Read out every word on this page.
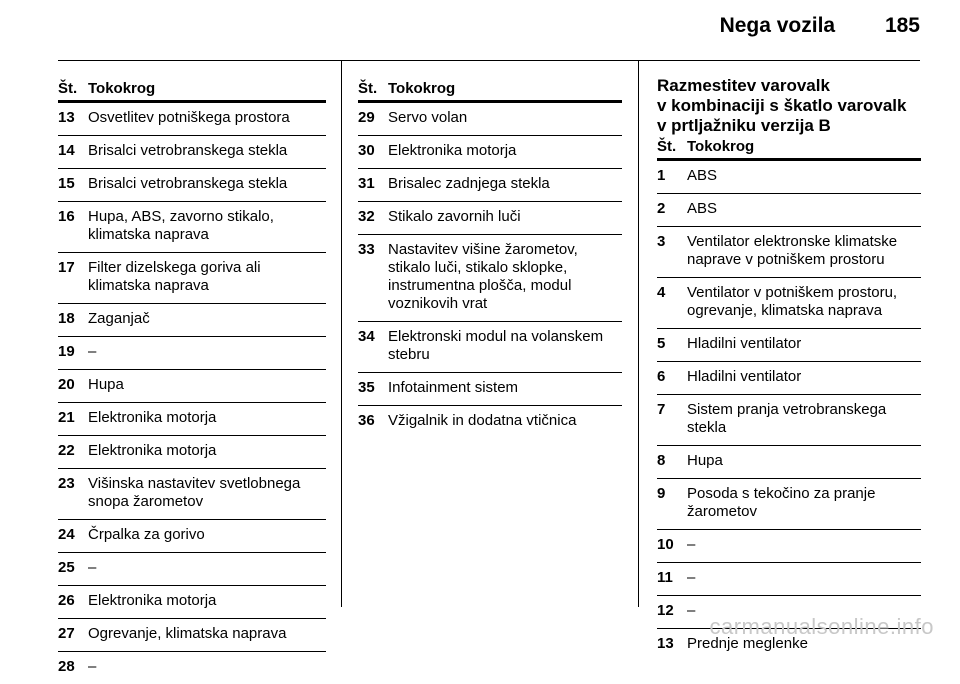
Nega vozila 185
Št. Tokokrog
13 Osvetlitev potniškega prostora
14 Brisalci vetrobranskega stekla
15 Brisalci vetrobranskega stekla
16 Hupa, ABS, zavorno stikalo, klimatska naprava
17 Filter dizelskega goriva ali klimatska naprava
18 Zaganjač
19 –
20 Hupa
21 Elektronika motorja
22 Elektronika motorja
23 Višinska nastavitev svetlobnega snopa žarometov
24 Črpalka za gorivo
25 –
26 Elektronika motorja
27 Ogrevanje, klimatska naprava
28 –
Št. Tokokrog
29 Servo volan
30 Elektronika motorja
31 Brisalec zadnjega stekla
32 Stikalo zavornih luči
33 Nastavitev višine žarometov, stikalo luči, stikalo sklopke, instrumentna plošča, modul voznikovih vrat
34 Elektronski modul na volanskem stebru
35 Infotainment sistem
36 Vžigalnik in dodatna vtičnica
Razmestitev varovalk
v kombinaciji s škatlo varovalk
v prtljažniku verzija B
Št. Tokokrog
1	ABS
2	ABS
3	Ventilator elektronske klimatske naprave v potniškem prostoru
4	Ventilator v potniškem prostoru, ogrevanje, klimatska naprava
5	Hladilni ventilator
6	Hladilni ventilator
7	Sistem pranja vetrobranskega stekla
8	Hupa
9	Posoda s tekočino za pranje žarometov
10 –
11 –
12 –
13 Prednje meglenke
carmanualsonline.info
